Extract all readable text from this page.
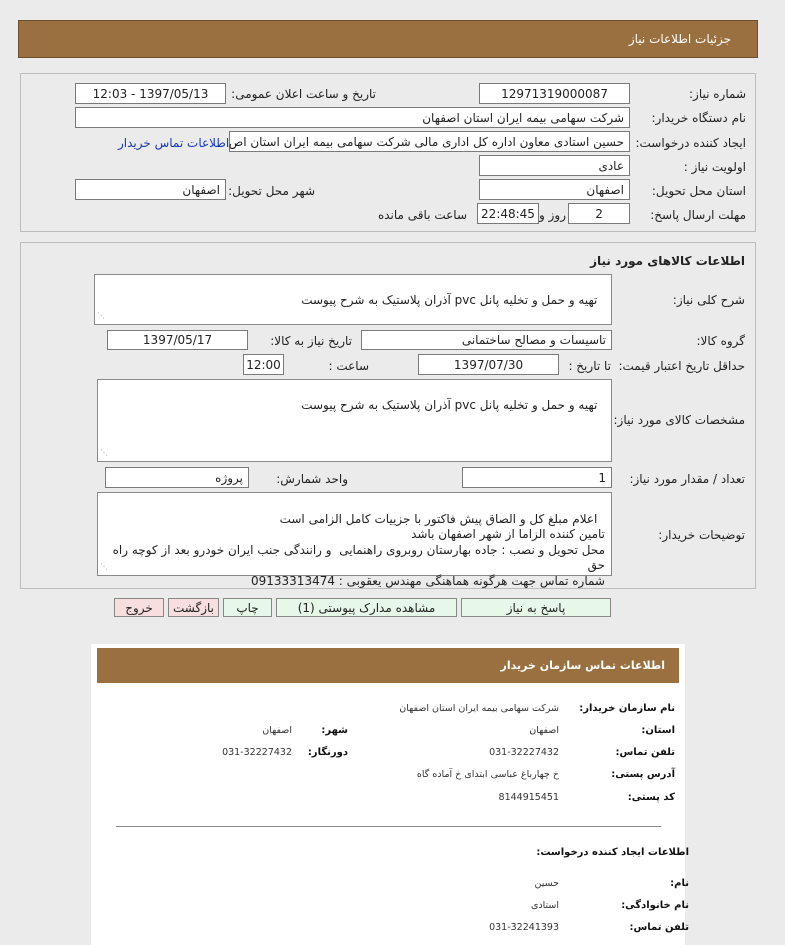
جزئیات اطلاعات نیاز
شماره نیاز:
12971319000087
تاریخ و ساعت اعلان عمومی:
1397/05/13 - 12:03
نام دستگاه خریدار:
شرکت سهامی بیمه ایران استان اصفهان
ایجاد کننده درخواست:
حسین استادی معاون اداره کل اداری مالی شرکت سهامی بیمه ایران استان اص
اطلاعات تماس خریدار
اولویت نیاز :
عادی
استان محل تحویل:
اصفهان
شهر محل تحویل:
اصفهان
مهلت ارسال پاسخ:
2
روز و
22:48:45
ساعت باقی مانده
اطلاعات کالاهای مورد نیاز
شرح کلی نیاز:

تهیه و حمل و تخلیه پانل pvc آذران پلاستیک به شرح پیوست

⋰

گروه کالا:
تاسیسات و مصالح ساختمانی
تاریخ نیاز به کالا:
1397/05/17
حداقل تاریخ اعتبار قیمت:
تا تاریخ :
1397/07/30
ساعت :
12:00
مشخصات کالای مورد نیاز:

تهیه و حمل و تخلیه پانل pvc آذران پلاستیک به شرح پیوست

⋰

تعداد / مقدار مورد نیاز:
1
واحد شمارش:
پروژه
توضیحات خریدار:

اعلام مبلغ کل و الصاق پیش فاکتور با جزییات کامل الزامی است
تامین کننده الزاما از شهر اصفهان باشد
محل تحویل و نصب : جاده بهارستان روبروی راهنمایی  و رانندگی جنب ایران خودرو بعد از کوچه راه حق
شماره تماس جهت هرگونه هماهنگی مهندس یعقوبی : 09133313474

⋰

پاسخ به نیاز
مشاهده مدارک پیوستی (1)
چاپ
بازگشت
خروج
اطلاعات تماس سازمان خریدار
نام سازمان خریدار:
شرکت سهامی بیمه ایران استان اصفهان
استان:
اصفهان
شهر:
اصفهان
تلفن تماس:
031-32227432
دورنگار:
031-32227432
آدرس پستی:
خ چهارباغ عباسی ابتدای خ آمادە گاه
کد پستی:
8144915451
اطلاعات ایجاد کننده درخواست:
نام:
حسین
نام خانوادگی:
استادی
تلفن تماس:
031-32241393
